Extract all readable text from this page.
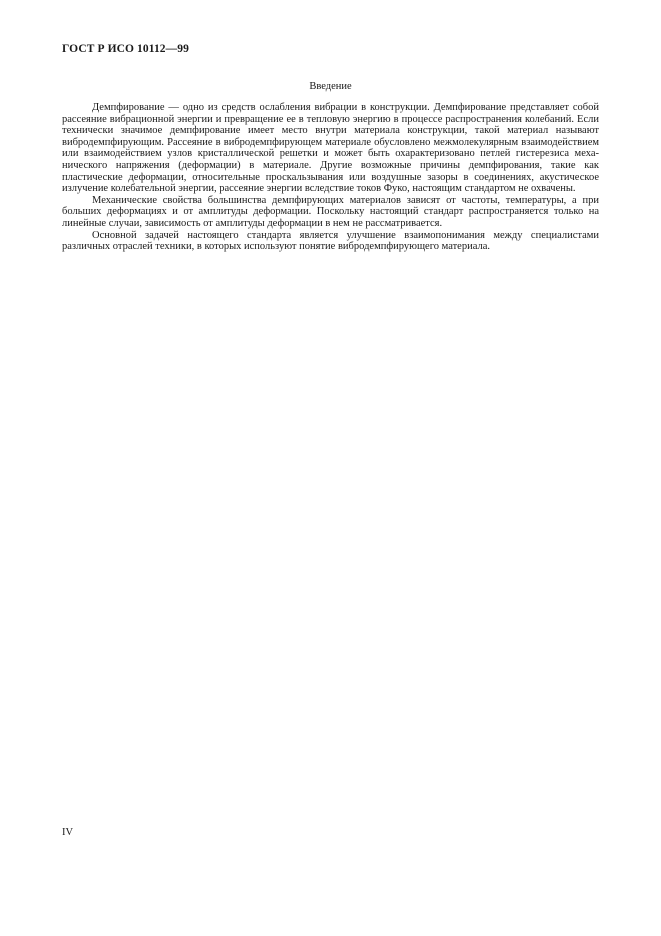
ГОСТ Р ИСО 10112—99
Введение

Демпфирование — одно из средств ослабления вибрации в конструкции. Демпфирование представляет собой рассеяние вибрационной энергии и превращение ее в тепловую энергию в процессе распространения колебаний. Если технически значимое демпфирование имеет место внутри материала конструкции, такой материал называют вибродемпфирующим. Рассеяние в вибродемпфирующем материале обусловлено межмолекулярным взаимодействием или взаимодействием узлов кристаллической решетки и может быть охарактеризовано петлей гистерезиса механического напряжения (деформации) в материале. Другие возможные причины демпфирования, такие как пластические деформации, относительные проскальзывания или воздушные зазоры в соединениях, акустическое излучение колебательной энергии, рассеяние энергии вследствие токов Фуко, настоящим стандартом не охвачены.

Механические свойства большинства демпфирующих материалов зависят от частоты, температуры, а при больших деформациях и от амплитуды деформации. Поскольку настоящий стандарт распространяется только на линейные случаи, зависимость от амплитуды деформации в нем не рассматривается.

Основной задачей настоящего стандарта является улучшение взаимопонимания между специалистами различных отраслей техники, в которых используют понятие вибродемпфирующего материала.

IV
